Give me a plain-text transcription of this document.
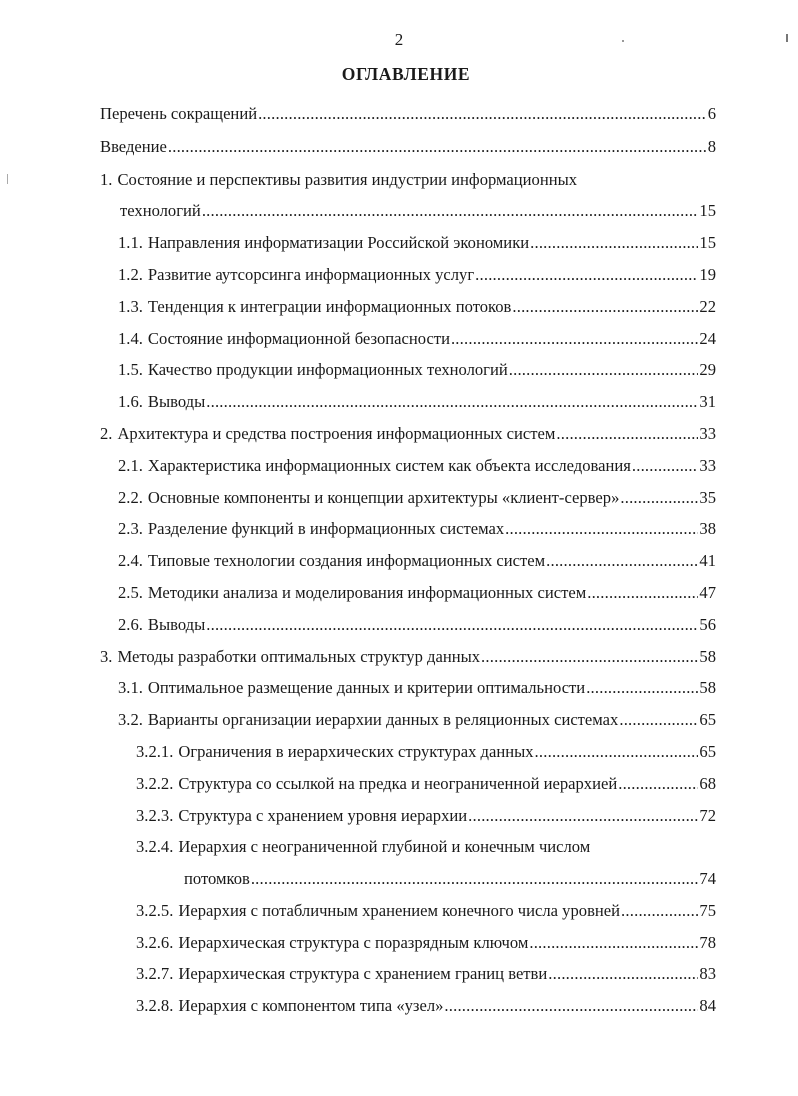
2
ОГЛАВЛЕНИЕ
Перечень сокращений .....	6
Введение .....	8
1. Состояние и перспективы развития индустрии информационных
технологий .....	15
1.1. Направления информатизации Российской экономики .....	15
1.2. Развитие аутсорсинга информационных услуг .....	19
1.3. Тенденция к интеграции информационных потоков .....	22
1.4. Состояние информационной безопасности .....	24
1.5. Качество продукции информационных технологий .....	29
1.6. Выводы .....	31
2. Архитектура и средства построения информационных систем .....	33
2.1. Характеристика информационных систем как объекта исследования .....	33
2.2. Основные компоненты и концепции архитектуры «клиент-сервер» .....	35
2.3. Разделение функций в информационных системах .....	38
2.4. Типовые технологии создания информационных систем .....	41
2.5. Методики анализа и моделирования информационных систем .....	47
2.6. Выводы .....	56
3. Методы разработки оптимальных структур данных .....	58
3.1. Оптимальное размещение данных и критерии оптимальности .....	58
3.2. Варианты организации иерархии данных в реляционных системах .....	65
3.2.1. Ограничения в иерархических структурах данных .....	65
3.2.2. Структура со ссылкой на предка и неограниченной иерархией .....	68
3.2.3. Структура с хранением уровня иерархии .....	72
3.2.4. Иерархия с неограниченной глубиной и конечным числом
потомков .....	74
3.2.5. Иерархия с потабличным хранением конечного числа уровней .....	75
3.2.6. Иерархическая структура с поразрядным ключом .....	78
3.2.7. Иерархическая структура с хранением границ ветви .....	83
3.2.8. Иерархия с компонентом типа «узел» .....	84
